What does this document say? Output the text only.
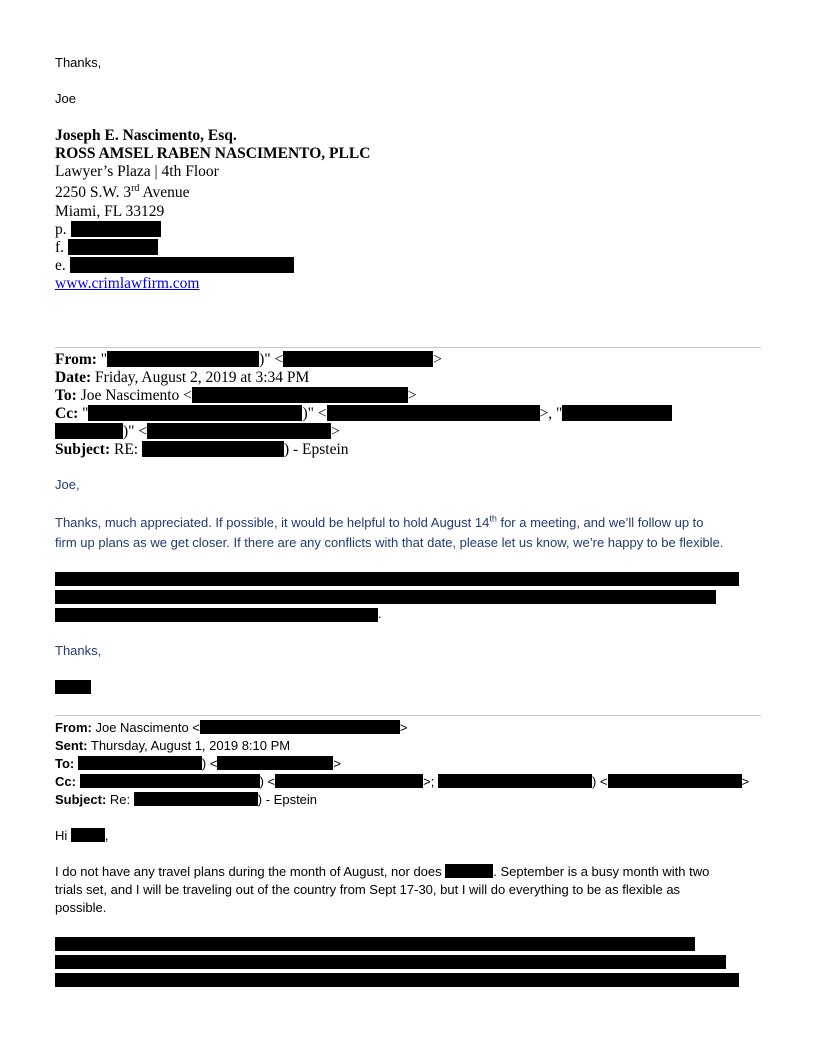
Thanks,
Joe
Joseph E. Nascimento, Esq.
ROSS AMSEL RABEN NASCIMENTO, PLLC
Lawyer’s Plaza | 4th Floor
2250 S.W. 3rd Avenue
Miami, FL 33129
p.
f.
e.
www.crimlawfirm.com
From: "	)" <	>
Date: Friday, August 2, 2019 at 3:34 PM
To: Joe Nascimento <	>
Cc: "	)" <	>, "
)" <	>
Subject: RE:	) - Epstein
Joe,
Thanks, much appreciated. If possible, it would be helpful to hold August 14th for a meeting, and we’ll follow up to
firm up plans as we get closer. If there are any conflicts with that date, please let us know, we’re happy to be flexible.
.
Thanks,
From: Joe Nascimento <	>
Sent: Thursday, August 1, 2019 8:10 PM
To:	) <	>
Cc:	) <	>;	) <	>
Subject: Re:	) - Epstein
Hi	,
I do not have any travel plans during the month of August, nor does	. September is a busy month with two
trials set, and I will be traveling out of the country from Sept 17-30, but I will do everything to be as flexible as
possible.
